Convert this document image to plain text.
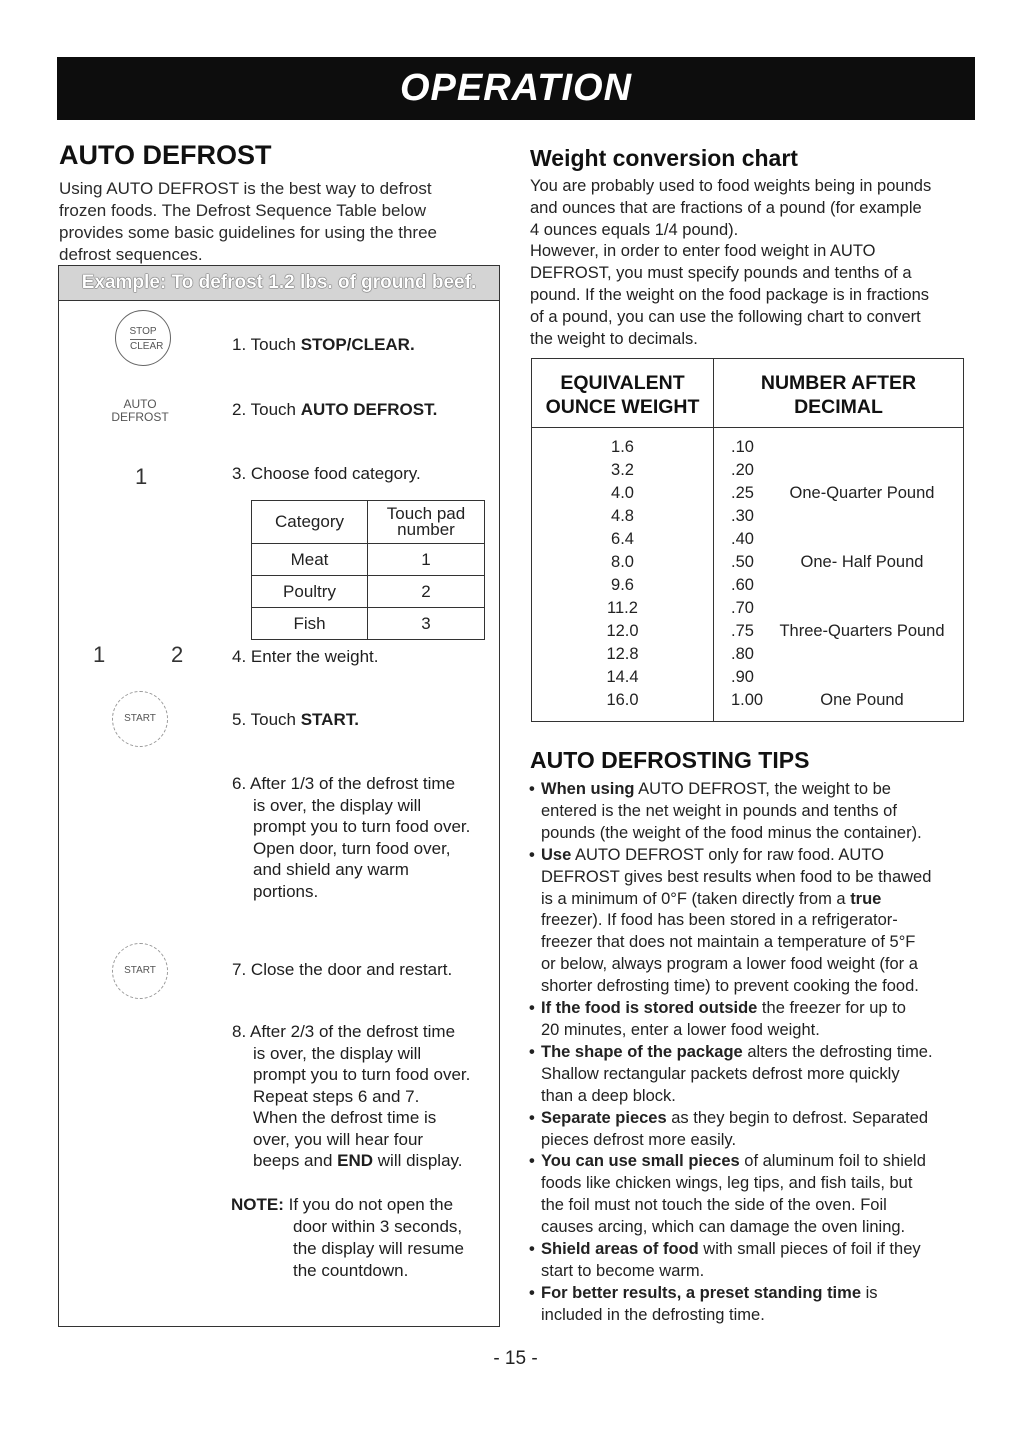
OPERATION
AUTO DEFROST

Using AUTO DEFROST is the best way to defrost frozen foods. The Defrost Sequence Table below provides some basic guidelines for using the three defrost sequences.

Example: To defrost 1.2 lbs. of ground beef.
STOP
CLEAR	1. Touch STOP/CLEAR.
AUTO
DEFROST	2. Touch AUTO DEFROST.
1	3. Choose food category.
Category	Touch pad number
Meat	1
Poultry	2
Fish	3
1	2	4. Enter the weight.
START	5. Touch START.
6. After 1/3 of the defrost time
is over, the display will
prompt you to turn food over.
Open door, turn food over,
and shield any warm
portions.
START	7. Close the door and restart.
8. After 2/3 of the defrost time
is over, the display will
prompt you to turn food over.
Repeat steps 6 and 7.
When the defrost time is
over, you will hear four
beeps and END will display.
NOTE: If you do not open the
door within 3 seconds,
the display will resume
the countdown.
Weight conversion chart
You are probably used to food weights being in pounds
and ounces that are fractions of a pound (for example
4 ounces equals 1/4 pound).
However, in order to enter food weight in AUTO
DEFROST, you must specify pounds and tenths of a
pound. If the weight on the food package is in fractions
of a pound, you can use the following chart to convert
the weight to decimals.
EQUIVALENT
OUNCE WEIGHT
NUMBER AFTER
DECIMAL
1.6	.10
3.2	.20
4.0	.25	One-Quarter Pound
4.8	.30
6.4	.40
8.0	.50	One- Half Pound
9.6	.60
11.2	.70
12.0	.75	Three-Quarters Pound
12.8	.80
14.4	.90
16.0	1.00	One Pound
AUTO DEFROSTING TIPS
• When using AUTO DEFROST, the weight to be
entered is the net weight in pounds and tenths of
pounds (the weight of the food minus the container).
• Use AUTO DEFROST only for raw food. AUTO
DEFROST gives best results when food to be thawed
is a minimum of 0°F (taken directly from a true
freezer). If food has been stored in a refrigerator-
freezer that does not maintain a temperature of 5°F
or below, always program a lower food weight (for a
shorter defrosting time) to prevent cooking the food.
• If the food is stored outside the freezer for up to
20 minutes, enter a lower food weight.
• The shape of the package alters the defrosting time.
Shallow rectangular packets defrost more quickly
than a deep block.
• Separate pieces as they begin to defrost. Separated
pieces defrost more easily.
• You can use small pieces of aluminum foil to shield
foods like chicken wings, leg tips, and fish tails, but
the foil must not touch the side of the oven. Foil
causes arcing, which can damage the oven lining.
• Shield areas of food with small pieces of foil if they
start to become warm.
• For better results, a preset standing time is
included in the defrosting time.
- 15 -
